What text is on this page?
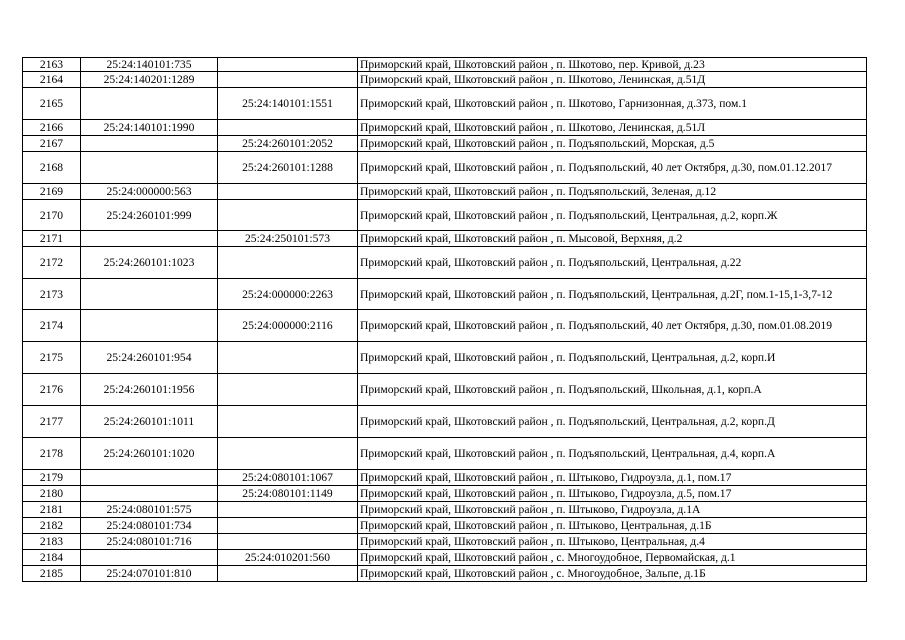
2163	25:24:140101:735		Приморский край, Шкотовский район , п. Шкотово, пер. Кривой, д.23
2164	25:24:140201:1289		Приморский край, Шкотовский район , п. Шкотово, Ленинская, д.51Д
2165		25:24:140101:1551	Приморский край, Шкотовский район , п. Шкотово, Гарнизонная, д.373, пом.1
2166	25:24:140101:1990		Приморский край, Шкотовский район , п. Шкотово, Ленинская, д.51Л
2167		25:24:260101:2052	Приморский край, Шкотовский район , п. Подъяпольский, Морская, д.5
2168		25:24:260101:1288	Приморский край, Шкотовский район , п. Подъяпольский, 40 лет Октября, д.30, пом.01.12.2017
2169	25:24:000000:563		Приморский край, Шкотовский район , п. Подъяпольский, Зеленая, д.12
2170	25:24:260101:999		Приморский край, Шкотовский район , п. Подъяпольский, Центральная, д.2, корп.Ж
2171		25:24:250101:573	Приморский край, Шкотовский район , п. Мысовой, Верхняя, д.2
2172	25:24:260101:1023		Приморский край, Шкотовский район , п. Подъяпольский, Центральная, д.22
2173		25:24:000000:2263	Приморский край, Шкотовский район , п. Подъяпольский, Центральная, д.2Г, пом.1-15,1-3,7-12
2174		25:24:000000:2116	Приморский край, Шкотовский район , п. Подъяпольский, 40 лет Октября, д.30, пом.01.08.2019
2175	25:24:260101:954		Приморский край, Шкотовский район , п. Подъяпольский, Центральная, д.2, корп.И
2176	25:24:260101:1956		Приморский край, Шкотовский район , п. Подъяпольский, Школьная, д.1, корп.А
2177	25:24:260101:1011		Приморский край, Шкотовский район , п. Подъяпольский, Центральная, д.2, корп.Д
2178	25:24:260101:1020		Приморский край, Шкотовский район , п. Подъяпольский, Центральная, д.4, корп.А
2179		25:24:080101:1067	Приморский край, Шкотовский район , п. Штыково, Гидроузла, д.1, пом.17
2180		25:24:080101:1149	Приморский край, Шкотовский район , п. Штыково, Гидроузла, д.5, пом.17
2181	25:24:080101:575		Приморский край, Шкотовский район , п. Штыково, Гидроузла, д.1А
2182	25:24:080101:734		Приморский край, Шкотовский район , п. Штыково, Центральная, д.1Б
2183	25:24:080101:716		Приморский край, Шкотовский район , п. Штыково, Центральная, д.4
2184		25:24:010201:560	Приморский край, Шкотовский район , с. Многоудобное, Первомайская, д.1
2185	25:24:070101:810		Приморский край, Шкотовский район , с. Многоудобное, Зальпе, д.1Б
